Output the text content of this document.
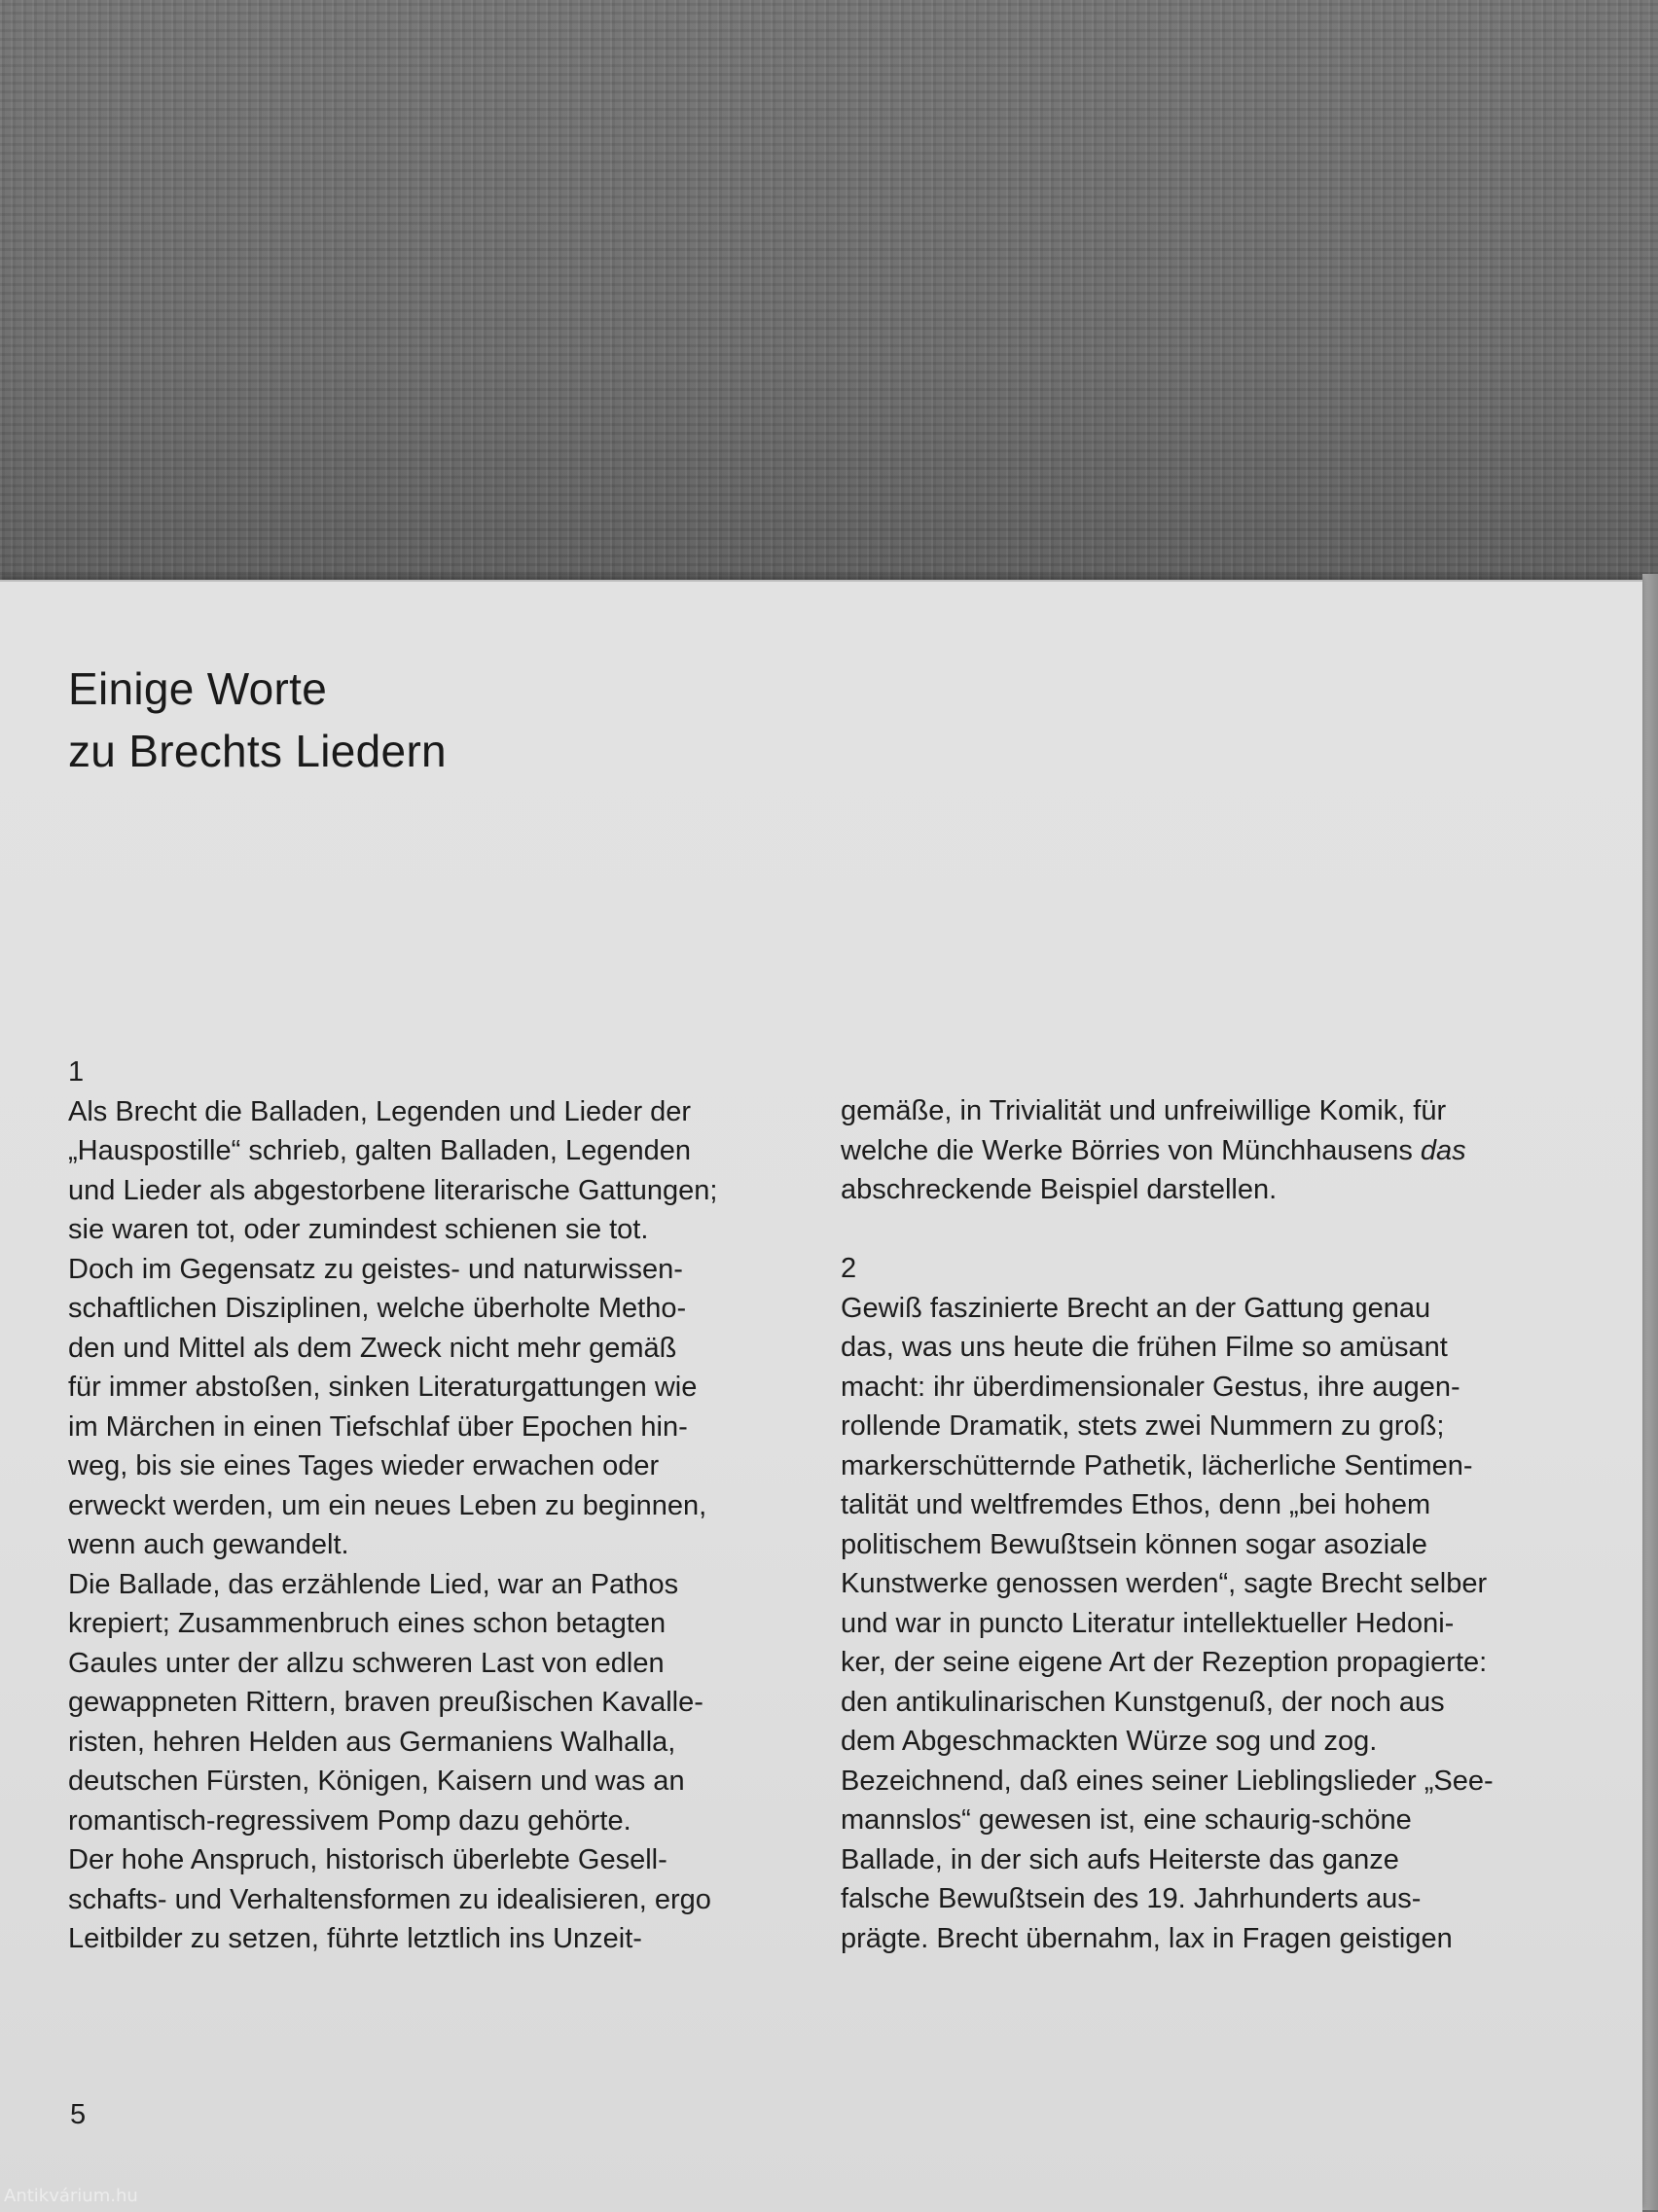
Einige Worte
zu Brechts Liedern
1
Als Brecht die Balladen, Legenden und Lieder der
„Hauspostille“ schrieb, galten Balladen, Legenden
und Lieder als abgestorbene literarische Gattungen;
sie waren tot, oder zumindest schienen sie tot.
Doch im Gegensatz zu geistes- und naturwissen-
schaftlichen Disziplinen, welche überholte Metho-
den und Mittel als dem Zweck nicht mehr gemäß
für immer abstoßen, sinken Literaturgattungen wie
im Märchen in einen Tiefschlaf über Epochen hin-
weg, bis sie eines Tages wieder erwachen oder
erweckt werden, um ein neues Leben zu beginnen,
wenn auch gewandelt.
Die Ballade, das erzählende Lied, war an Pathos
krepiert; Zusammenbruch eines schon betagten
Gaules unter der allzu schweren Last von edlen
gewappneten Rittern, braven preußischen Kavalle-
risten, hehren Helden aus Germaniens Walhalla,
deutschen Fürsten, Königen, Kaisern und was an
romantisch-regressivem Pomp dazu gehörte.
Der hohe Anspruch, historisch überlebte Gesell-
schafts- und Verhaltensformen zu idealisieren, ergo
Leitbilder zu setzen, führte letztlich ins Unzeit-
gemäße, in Trivialität und unfreiwillige Komik, für
welche die Werke Börries von Münchhausens das
abschreckende Beispiel darstellen.
2
Gewiß faszinierte Brecht an der Gattung genau
das, was uns heute die frühen Filme so amüsant
macht: ihr überdimensionaler Gestus, ihre augen-
rollende Dramatik, stets zwei Nummern zu groß;
markerschütternde Pathetik, lächerliche Sentimen-
talität und weltfremdes Ethos, denn „bei hohem
politischem Bewußtsein können sogar asoziale
Kunstwerke genossen werden“, sagte Brecht selber
und war in puncto Literatur intellektueller Hedoni-
ker, der seine eigene Art der Rezeption propagierte:
den antikulinarischen Kunstgenuß, der noch aus
dem Abgeschmackten Würze sog und zog.
Bezeichnend, daß eines seiner Lieblingslieder „See-
mannslos“ gewesen ist, eine schaurig-schöne
Ballade, in der sich aufs Heiterste das ganze
falsche Bewußtsein des 19. Jahrhunderts aus-
prägte. Brecht übernahm, lax in Fragen geistigen
5
Antikvárium.hu
